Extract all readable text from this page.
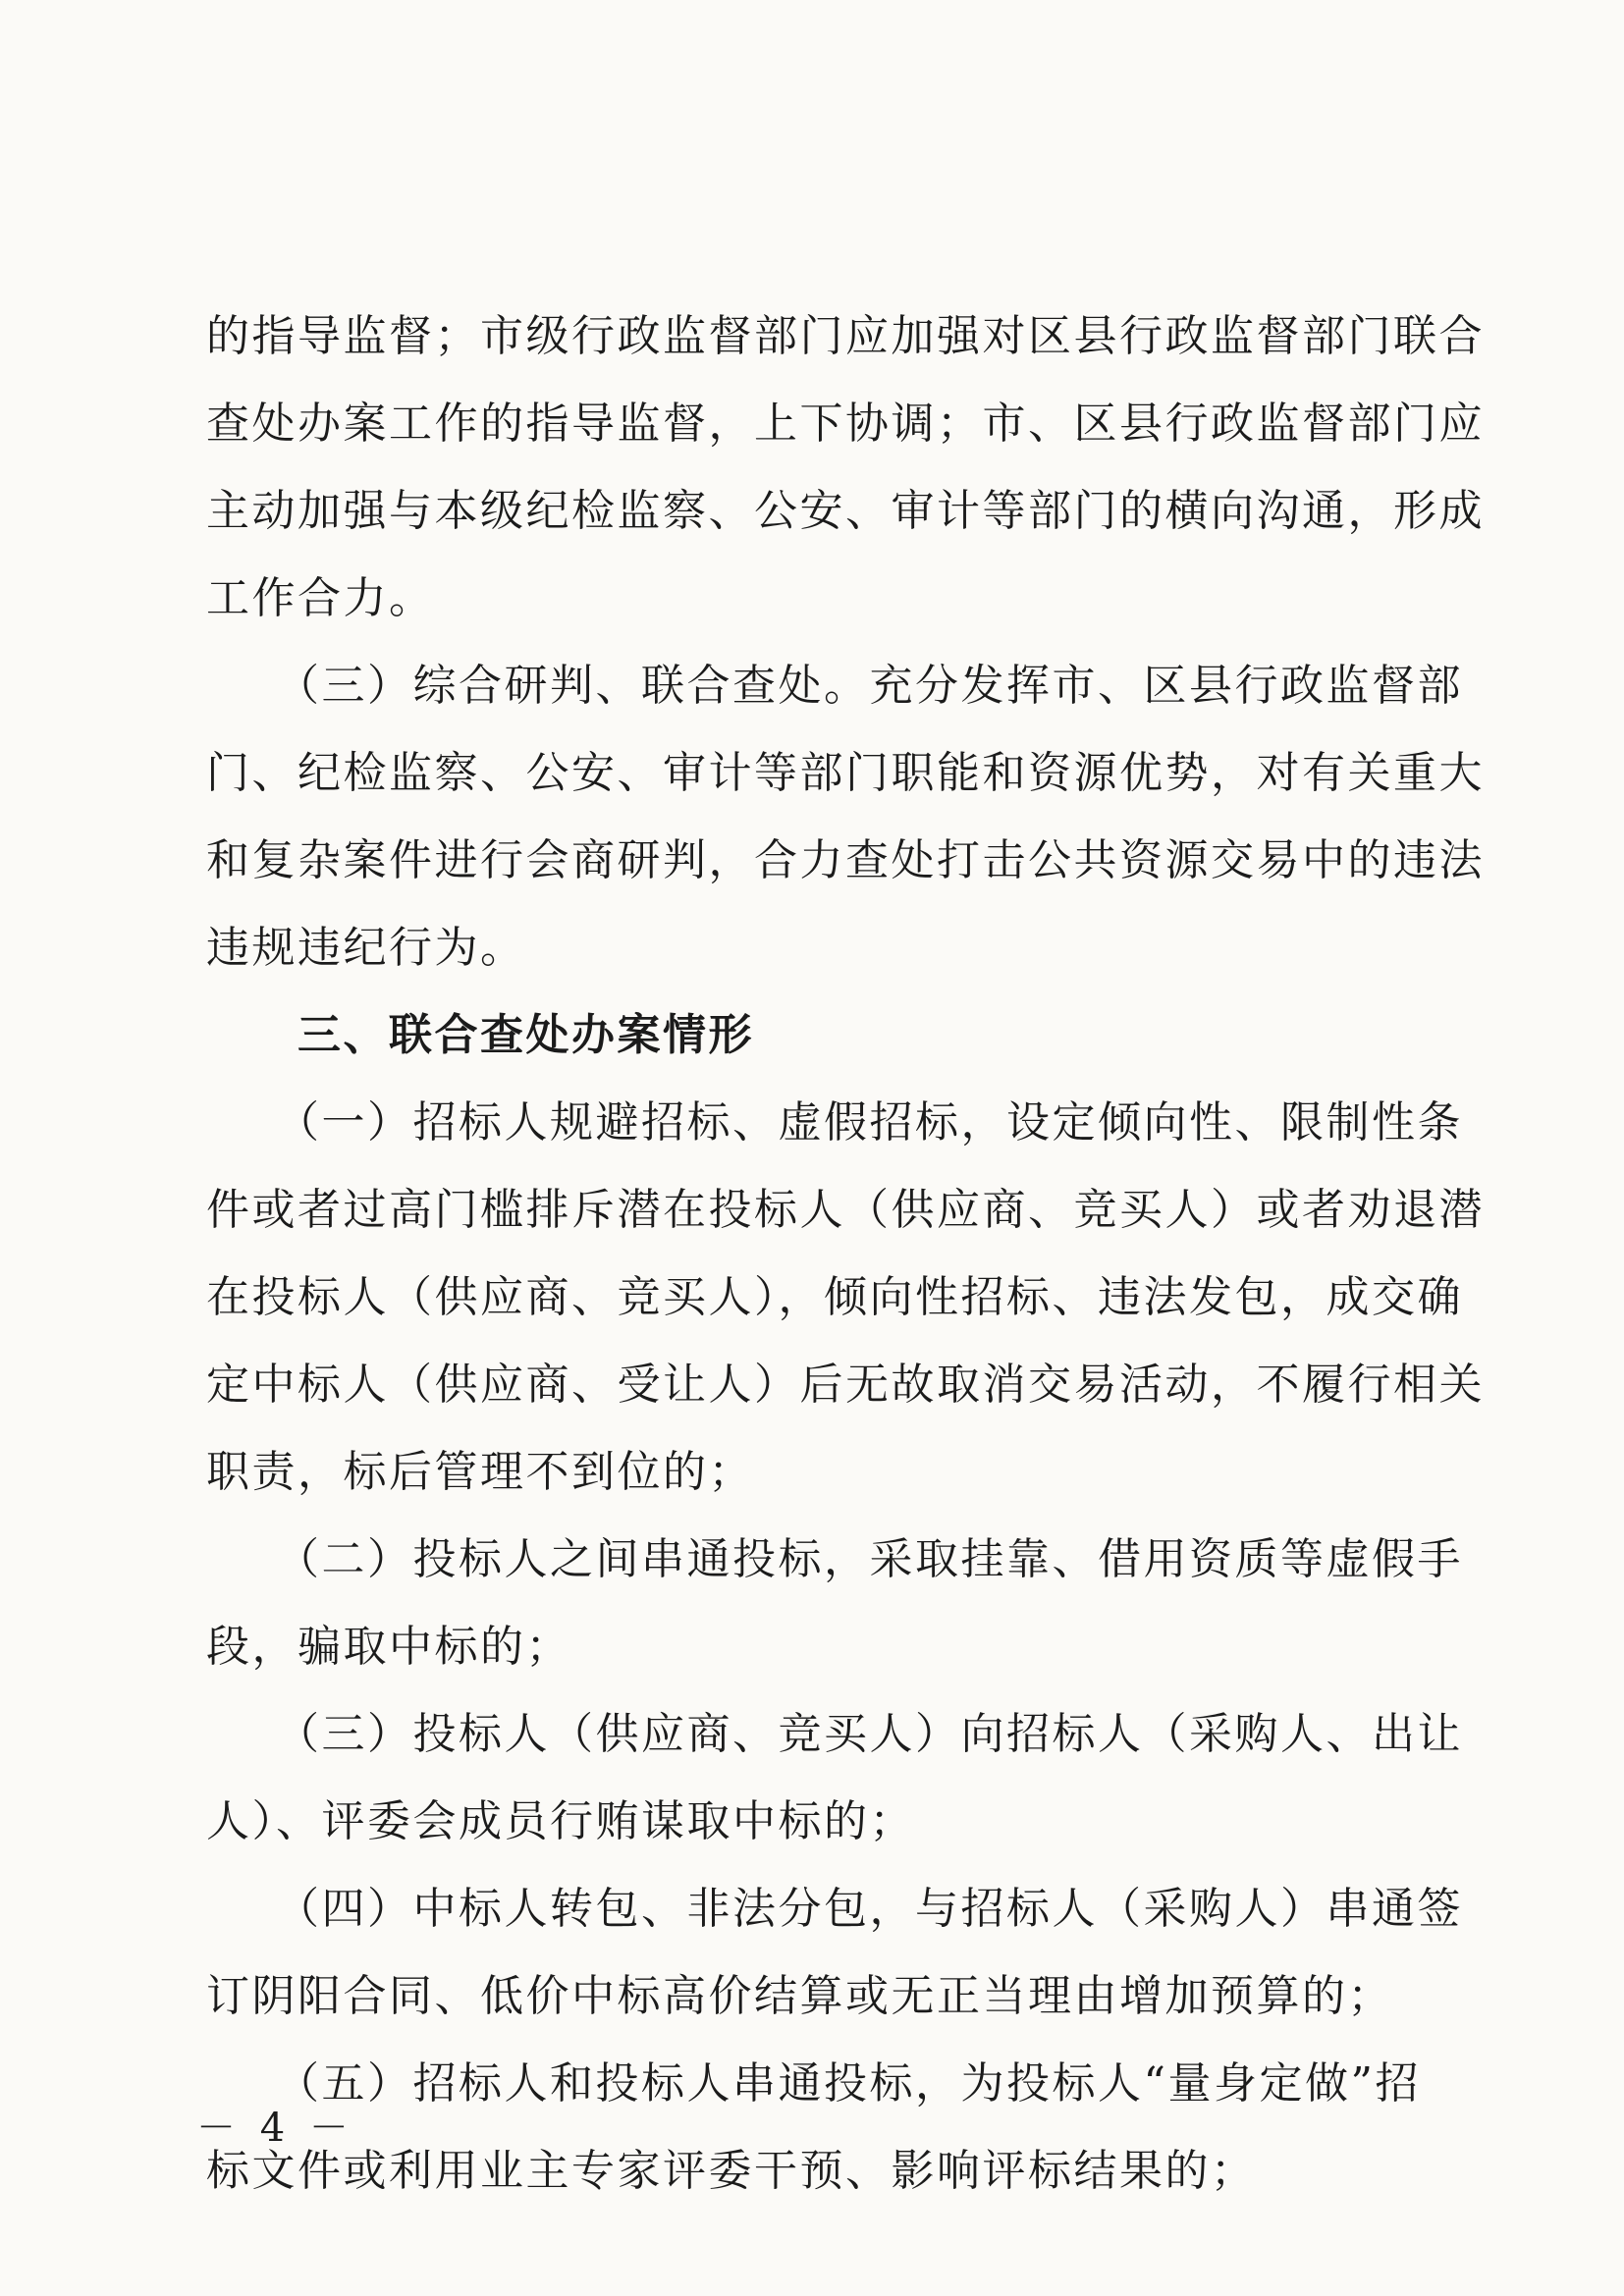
的指导监督；市级行政监督部门应加强对区县行政监督部门联合
查处办案工作的指导监督，上下协调；市、区县行政监督部门应
主动加强与本级纪检监察、公安、审计等部门的横向沟通，形成
工作合力。
　　（三）综合研判、联合查处。充分发挥市、区县行政监督部
门、纪检监察、公安、审计等部门职能和资源优势，对有关重大
和复杂案件进行会商研判，合力查处打击公共资源交易中的违法
违规违纪行为。
　　三、联合查处办案情形
　　（一）招标人规避招标、虚假招标，设定倾向性、限制性条
件或者过高门槛排斥潜在投标人（供应商、竞买人）或者劝退潜
在投标人（供应商、竞买人），倾向性招标、违法发包，成交确
定中标人（供应商、受让人）后无故取消交易活动，不履行相关
职责，标后管理不到位的；
　　（二）投标人之间串通投标，采取挂靠、借用资质等虚假手
段，骗取中标的；
　　（三）投标人（供应商、竞买人）向招标人（采购人、出让
人）、评委会成员行贿谋取中标的；
　　（四）中标人转包、非法分包，与招标人（采购人）串通签
订阴阳合同、低价中标高价结算或无正当理由增加预算的；
　　（五）招标人和投标人串通投标，为投标人“量身定做”招
标文件或利用业主专家评委干预、影响评标结果的；
－ 4 －
